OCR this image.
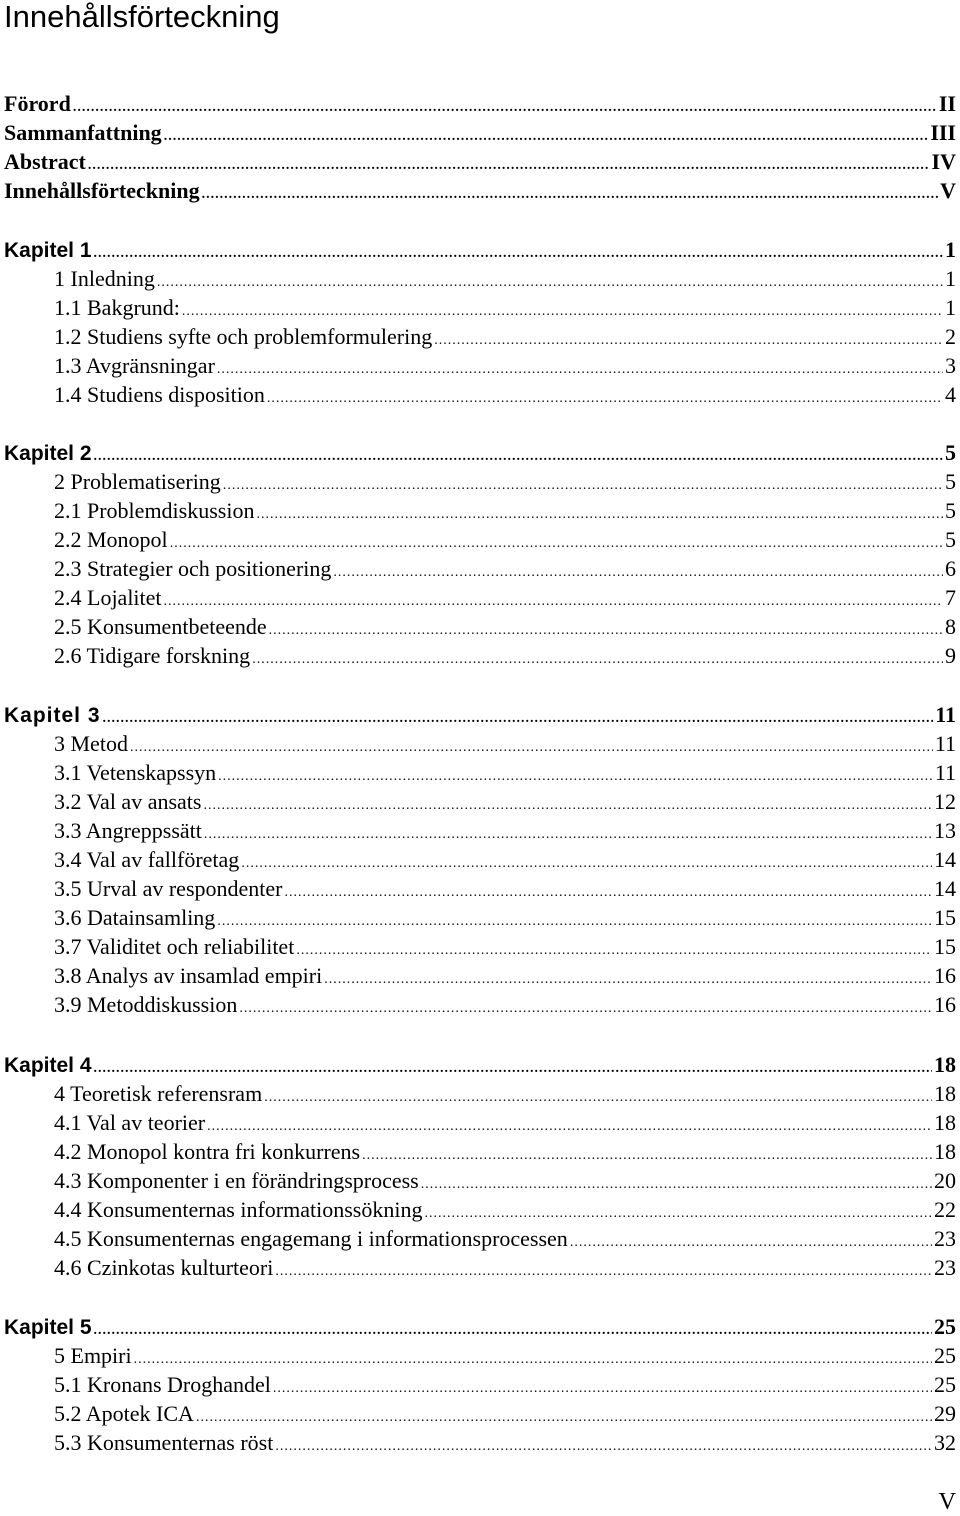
Innehållsförteckning
Förord .....	II
Sammanfattning .....	III
Abstract .....	IV
Innehållsförteckning .....	V
Kapitel 1 .....	1
1 Inledning .....	1
1.1 Bakgrund: .....	1
1.2 Studiens syfte och problemformulering .....	2
1.3 Avgränsningar .....	3
1.4 Studiens disposition .....	4
Kapitel 2 .....	5
2 Problematisering .....	5
2.1 Problemdiskussion .....	5
2.2 Monopol .....	5
2.3 Strategier och positionering .....	6
2.4 Lojalitet .....	7
2.5 Konsumentbeteende .....	8
2.6 Tidigare forskning .....	9
Kapitel 3 .....	11
3 Metod .....	11
3.1 Vetenskapssyn .....	11
3.2 Val av ansats .....	12
3.3 Angreppssätt .....	13
3.4 Val av fallföretag .....	14
3.5 Urval av respondenter .....	14
3.6 Datainsamling .....	15
3.7 Validitet och reliabilitet .....	15
3.8 Analys av insamlad empiri .....	16
3.9 Metoddiskussion .....	16
Kapitel 4 .....	18
4 Teoretisk referensram .....	18
4.1 Val av teorier .....	18
4.2 Monopol kontra fri konkurrens .....	18
4.3 Komponenter i en förändringsprocess .....	20
4.4 Konsumenternas informationssökning .....	22
4.5 Konsumenternas engagemang i informationsprocessen .....	23
4.6 Czinkotas kulturteori .....	23
Kapitel 5 .....	25
5 Empiri .....	25
5.1 Kronans Droghandel .....	25
5.2 Apotek ICA .....	29
5.3 Konsumenternas röst .....	32
V
